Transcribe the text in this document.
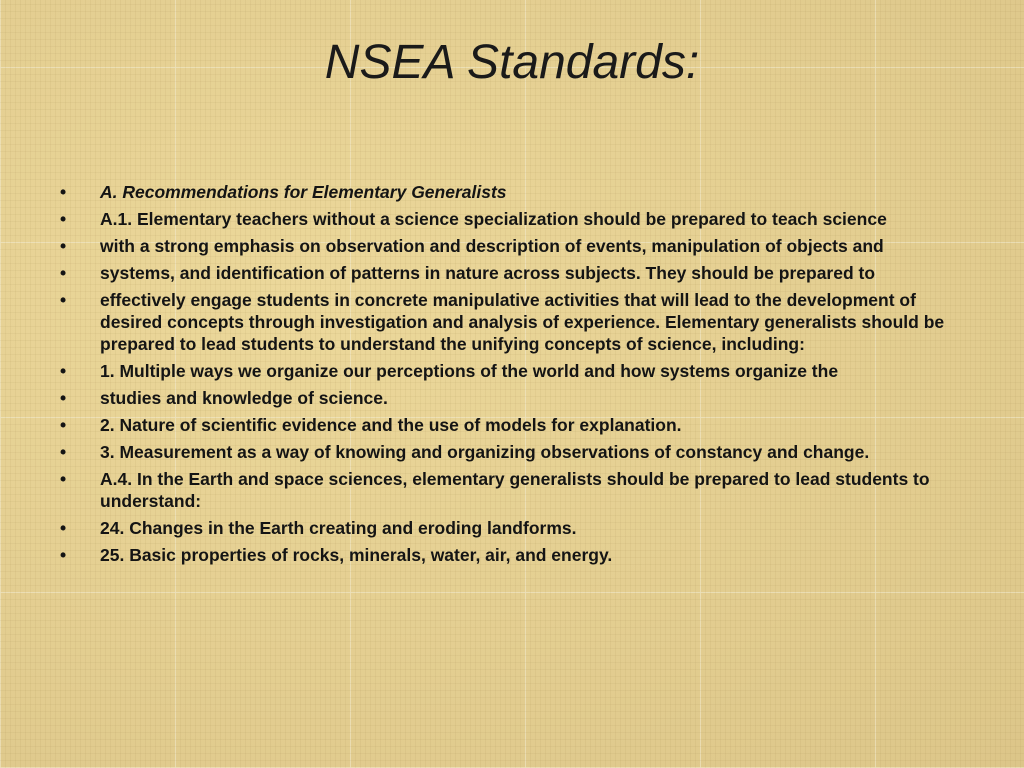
NSEA Standards:
• A. Recommendations for Elementary Generalists
• A.1. Elementary teachers without a science specialization should be prepared to teach science
• with a strong emphasis on observation and description of events, manipulation of objects and
• systems, and identification of patterns in nature across subjects. They should be prepared to
• effectively engage students in concrete manipulative activities that will lead to the development of desired concepts through investigation and analysis of experience. Elementary generalists should be prepared to lead students to understand the unifying concepts of science, including:
• 1. Multiple ways we organize our perceptions of the world and how systems organize the
• studies and knowledge of science.
• 2. Nature of scientific evidence and the use of models for explanation.
• 3. Measurement as a way of knowing and organizing observations of constancy and change.
• A.4. In the Earth and space sciences, elementary generalists should be prepared to lead students to understand:
• 24. Changes in the Earth creating and eroding landforms.
• 25. Basic properties of rocks, minerals, water, air, and energy.
